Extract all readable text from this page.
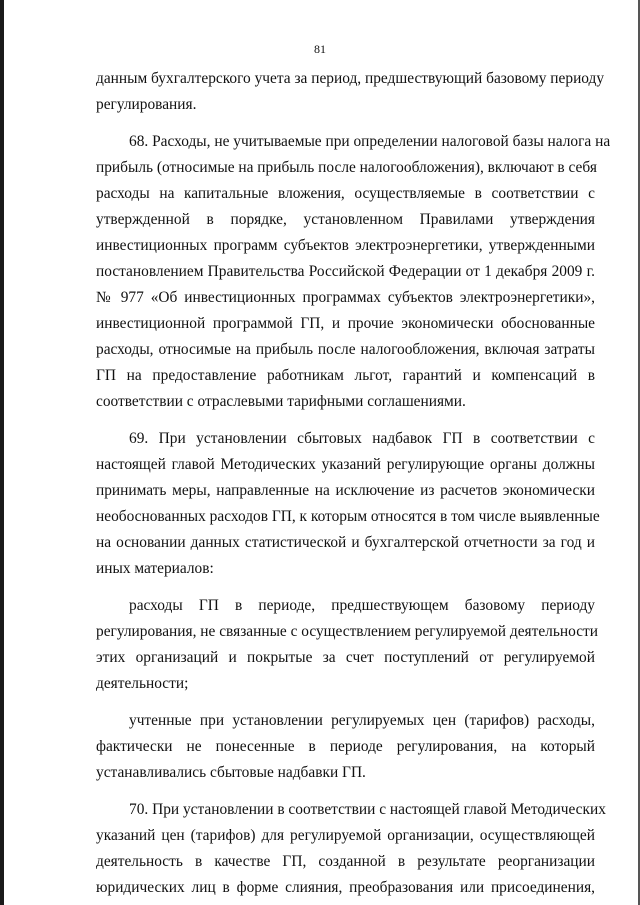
81
данным бухгалтерского учета за период, предшествующий базовому периоду
регулирования.
68. Расходы, не учитываемые при определении налоговой базы налога на
прибыль (относимые на прибыль после налогообложения), включают в себя
расходы на капитальные вложения, осуществляемые в соответствии с
утвержденной в порядке, установленном Правилами утверждения
инвестиционных программ субъектов электроэнергетики, утвержденными
постановлением Правительства Российской Федерации от 1 декабря 2009 г.
№ 977 «Об инвестиционных программах субъектов электроэнергетики»,
инвестиционной программой ГП, и прочие экономически обоснованные
расходы, относимые на прибыль после налогообложения, включая затраты
ГП на предоставление работникам льгот, гарантий и компенсаций в
соответствии с отраслевыми тарифными соглашениями.
69. При установлении сбытовых надбавок ГП в соответствии с
настоящей главой Методических указаний регулирующие органы должны
принимать меры, направленные на исключение из расчетов экономически
необоснованных расходов ГП, к которым относятся в том числе выявленные
на основании данных статистической и бухгалтерской отчетности за год и
иных материалов:
расходы ГП в периоде, предшествующем базовому периоду
регулирования, не связанные с осуществлением регулируемой деятельности
этих организаций и покрытые за счет поступлений от регулируемой
деятельности;
учтенные при установлении регулируемых цен (тарифов) расходы,
фактически не понесенные в периоде регулирования, на который
устанавливались сбытовые надбавки ГП.
70. При установлении в соответствии с настоящей главой Методических
указаний цен (тарифов) для регулируемой организации, осуществляющей
деятельность в качестве ГП, созданной в результате реорганизации
юридических лиц в форме слияния, преобразования или присоединения,
